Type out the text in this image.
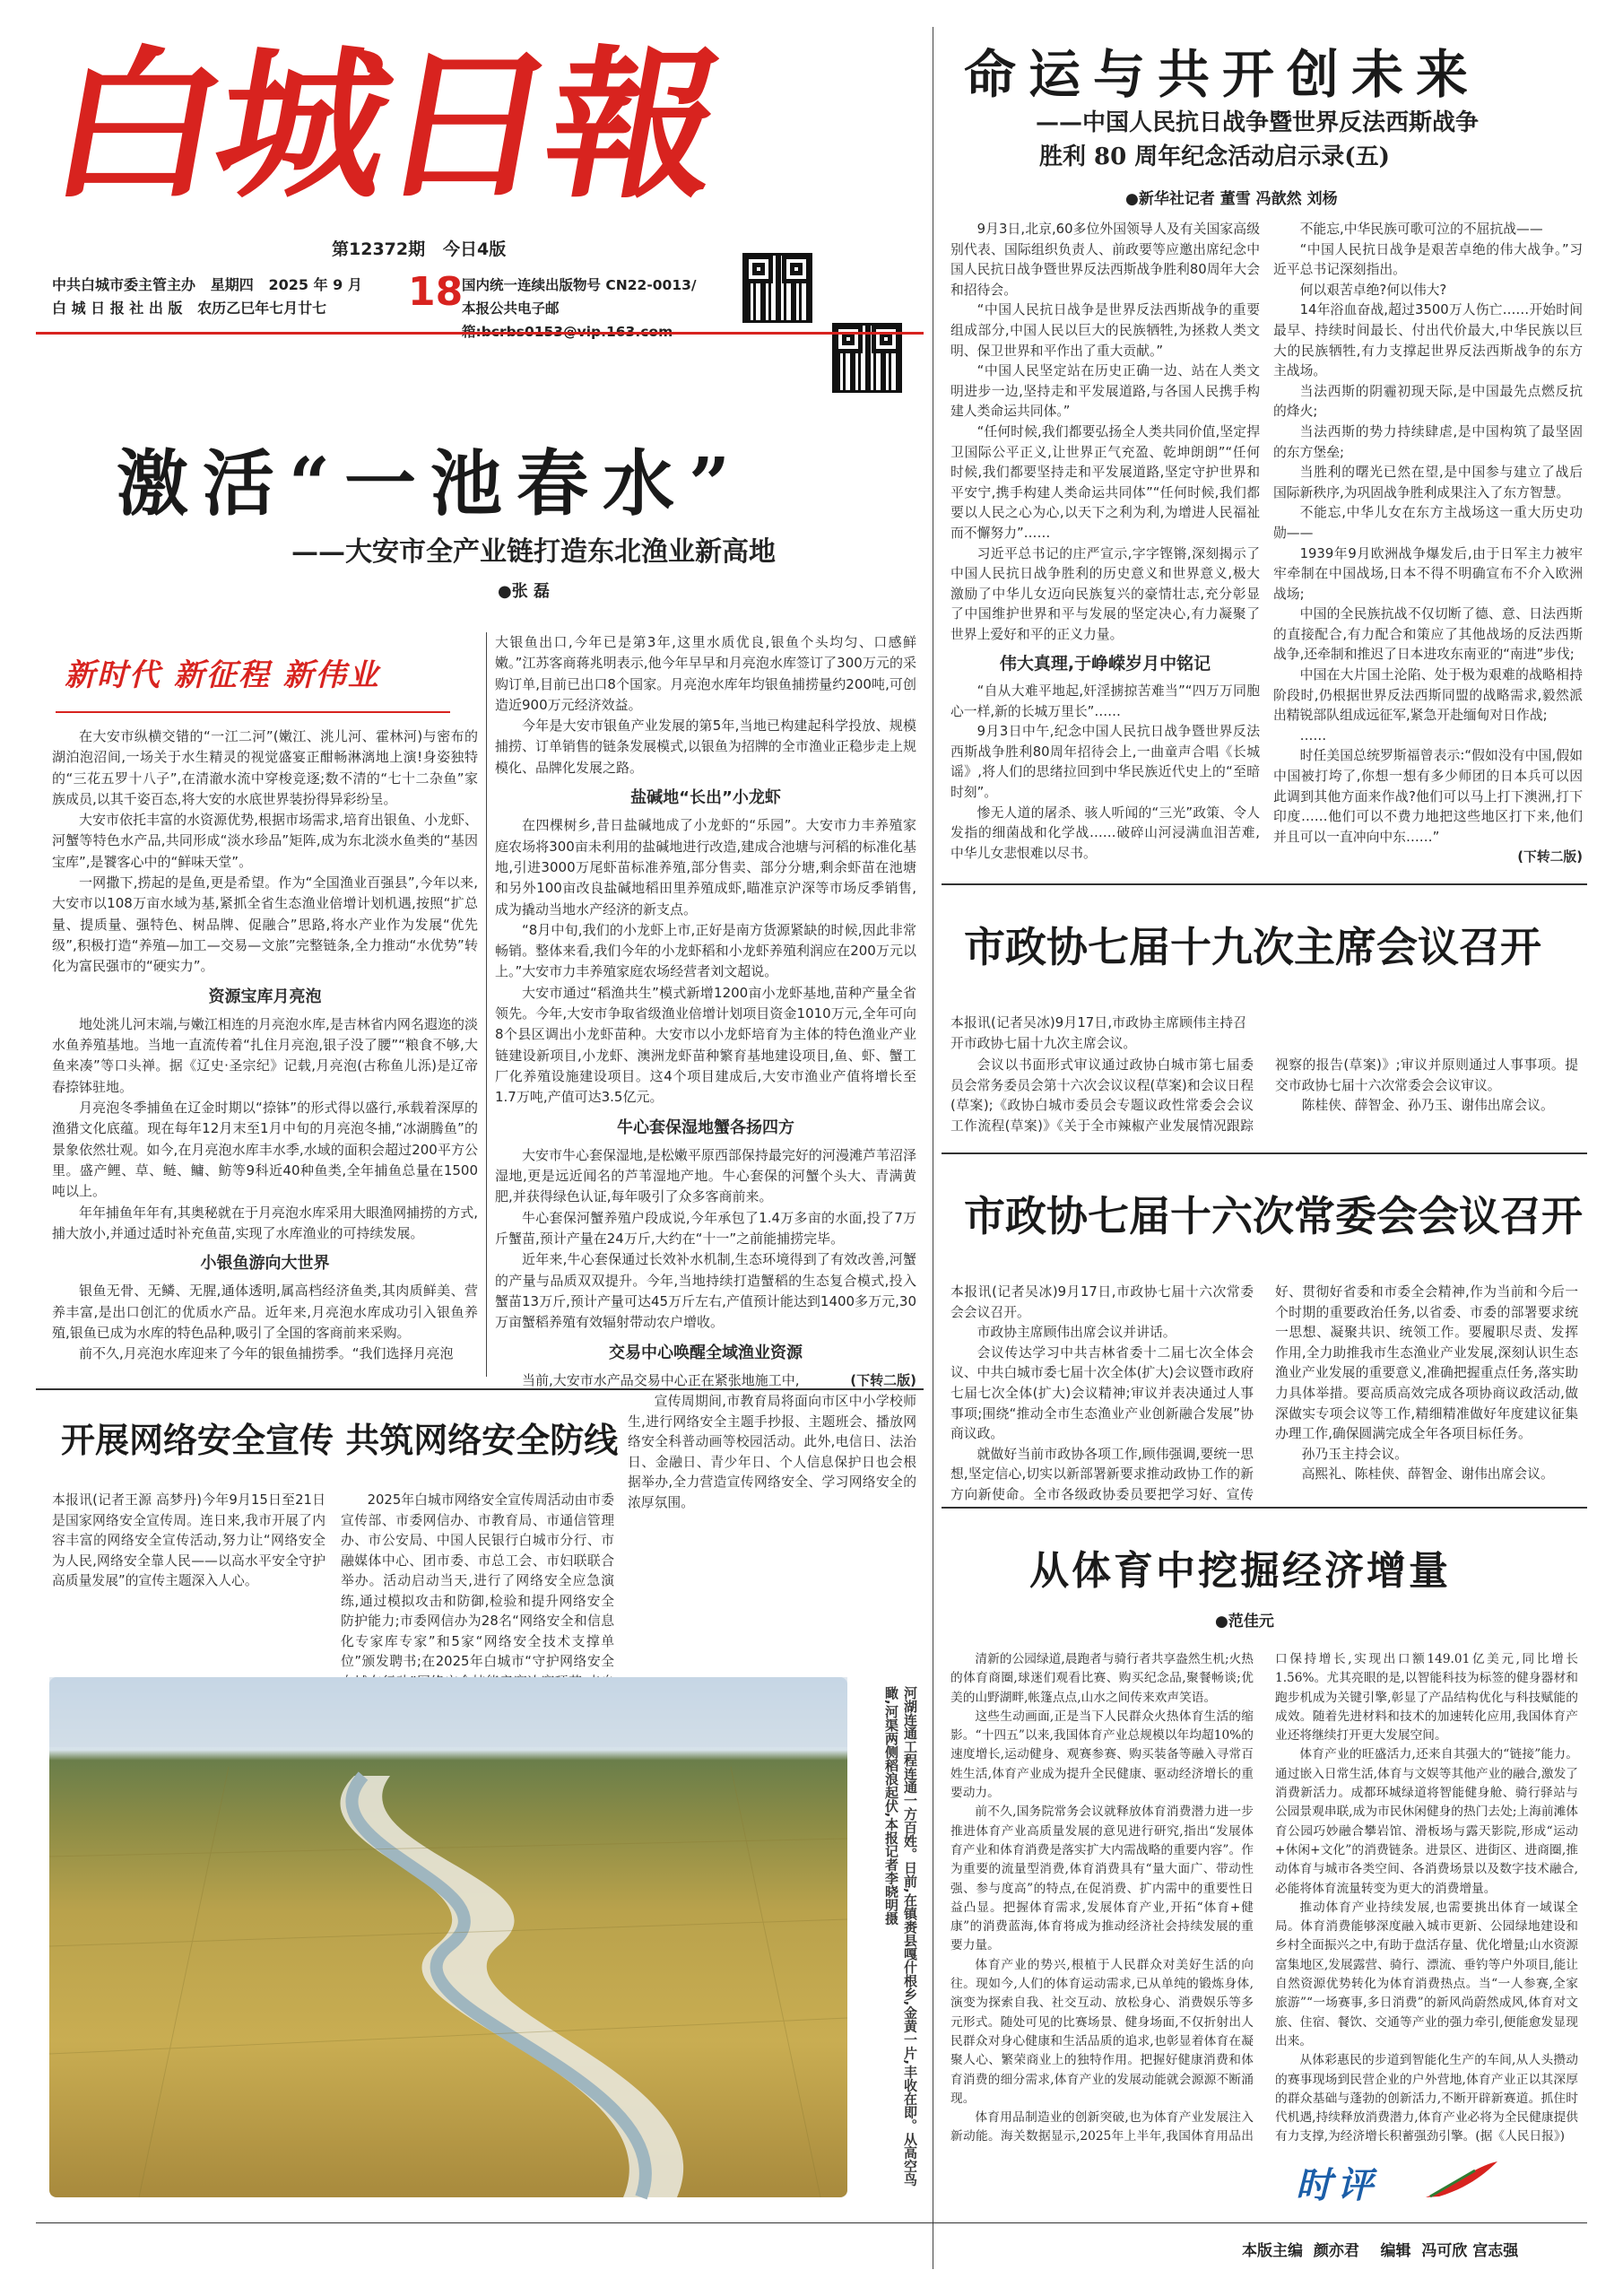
白城日報
第12372期 今日4版
中共白城市委主管主办 星期四 2025 年 9 月
白 城 日 报 社 出 版 农历乙巳年七月廿七	18
国内统一连续出版物号 CN22-0013/
本报公共电子邮
命运与共开创未来
——中国人民抗日战争暨世界反法西斯战争
胜利 80 周年纪念活动启示录(五)
●新华社记者 董雪 冯歆然 刘杨

9月3日,北京,60多位外国领导人及有关国家高级别代表、国际组织负责人、前政要等应邀出席纪念中国人民抗日战争暨世界反法西斯战争胜利80周年大会和招待会。

“中国人民抗日战争是世界反法西斯战争的重要组成部分,中国人民以巨大的民族牺牲,为拯救人类文明、保卫世界和平作出了重大贡献。”

“中国人民坚定站在历史正确一边、站在人类文明进步一边,坚持走和平发展道路,与各国人民携手构建人类命运共同体。”

“任何时候,我们都要弘扬全人类共同价值,坚定捍卫国际公平正义,让世界正气充盈、乾坤朗朗”“任何时候,我们都要坚持走和平发展道路,坚定守护世界和平安宁,携手构建人类命运共同体”“任何时候,我们都要以人民之心为心,以天下之利为利,为增进人民福祉而不懈努力”……

习近平总书记的庄严宣示,字字铿锵,深刻揭示了中国人民抗日战争胜利的历史意义和世界意义,极大激励了中华儿女迈向民族复兴的豪情壮志,充分彰显了中国维护世界和平与发展的坚定决心,有力凝聚了世界上爱好和平的正义力量。

伟大真理,于峥嵘岁月中铭记

“自从大难平地起,奸淫掳掠苦难当”“四万万同胞心一样,新的长城万里长”……

9月3日中午,纪念中国人民抗日战争暨世界反法西斯战争胜利80周年招待会上,一曲童声合唱《长城谣》,将人们的思绪拉回到中华民族近代史上的“至暗时刻”。

惨无人道的屠杀、骇人听闻的“三光”政策、令人发指的细菌战和化学战……破碎山河浸满血泪苦难,中华儿女悲恨难以尽书。

不能忘,中华民族可歌可泣的不屈抗战——

“中国人民抗日战争是艰苦卓绝的伟大战争。”习近平总书记深刻指出。

何以艰苦卓绝?何以伟大?

14年浴血奋战,超过3500万人伤亡……开始时间最早、持续时间最长、付出代价最大,中华民族以巨大的民族牺牲,有力支撑起世界反法西斯战争的东方主战场。

当法西斯的阴霾初现天际,是中国最先点燃反抗的烽火;

当法西斯的势力持续肆虐,是中国构筑了最坚固的东方堡垒;

当胜利的曙光已然在望,是中国参与建立了战后国际新秩序,为巩固战争胜利成果注入了东方智慧。

不能忘,中华儿女在东方主战场这一重大历史功勋——

1939年9月欧洲战争爆发后,由于日军主力被牢牢牵制在中国战场,日本不得不明确宣布不介入欧洲战场;

中国的全民族抗战不仅切断了德、意、日法西斯的直接配合,有力配合和策应了其他战场的反法西斯战争,还牵制和推迟了日本进攻东南亚的“南进”步伐;

中国在大片国土沦陷、处于极为艰难的战略相持阶段时,仍根据世界反法西斯同盟的战略需求,毅然派出精锐部队组成远征军,紧急开赴缅甸对日作战;

……

时任美国总统罗斯福曾表示:“假如没有中国,假如中国被打垮了,你想一想有多少师团的日本兵可以因此调到其他方面来作战?他们可以马上打下澳洲,打下印度……他们可以不费力地把这些地区打下来,他们并且可以一直冲向中东……”

(下转二版)
激活“一池春水”
——大安市全产业链打造东北渔业新高地
●张 磊
新时代 新征程 新伟业

在大安市纵横交错的“一江二河”(嫩江、洮儿河、霍林河)与密布的湖泊泡沼间,一场关于水生精灵的视觉盛宴正酣畅淋漓地上演!身姿独特的“三花五罗十八子”,在清澈水流中穿梭竞逐;数不清的“七十二杂鱼”家族成员,以其千姿百态,将大安的水底世界装扮得异彩纷呈。

大安市依托丰富的水资源优势,根据市场需求,培育出银鱼、小龙虾、河蟹等特色水产品,共同形成“淡水珍品”矩阵,成为东北淡水鱼类的“基因宝库”,是饕客心中的“鲜味天堂”。

一网撒下,捞起的是鱼,更是希望。作为“全国渔业百强县”,今年以来,大安市以108万亩水域为基,紧抓全省生态渔业倍增计划机遇,按照“扩总量、提质量、强特色、树品牌、促融合”思路,将水产业作为发展“优先级”,积极打造“养殖—加工—交易—文旅”完整链条,全力推动“水优势”转化为富民强市的“硬实力”。

资源宝库月亮泡

地处洮儿河末端,与嫩江相连的月亮泡水库,是吉林省内网名遐迩的淡水鱼养殖基地。当地一直流传着“扎住月亮泡,银子没了腰”“粮食不够,大鱼来凑”等口头禅。据《辽史·圣宗纪》记载,月亮泡(古称鱼儿泺)是辽帝春捺钵驻地。

月亮泡冬季捕鱼在辽金时期以“捺钵”的形式得以盛行,承载着深厚的渔猎文化底蕴。现在每年12月末至1月中旬的月亮泡冬捕,“冰湖腾鱼”的景象依然壮观。如今,在月亮泡水库丰水季,水域的面积会超过200平方公里。盛产鲤、草、鲢、鳙、鲂等9科近40种鱼类,全年捕鱼总量在1500吨以上。

年年捕鱼年年有,其奥秘就在于月亮泡水库采用大眼渔网捕捞的方式,捕大放小,并通过适时补充鱼苗,实现了水库渔业的可持续发展。

小银鱼游向大世界

银鱼无骨、无鳞、无腥,通体透明,属高档经济鱼类,其肉质鲜美、营养丰富,是出口创汇的优质水产品。近年来,月亮泡水库成功引入银鱼养殖,银鱼已成为水库的特色品种,吸引了全国的客商前来采购。

前不久,月亮泡水库迎来了今年的银鱼捕捞季。“我们选择月亮泡

大银鱼出口,今年已是第3年,这里水质优良,银鱼个头均匀、口感鲜嫩。”江苏客商蒋兆明表示,他今年早早和月亮泡水库签订了300万元的采购订单,目前已出口8个国家。月亮泡水库年均银鱼捕捞量约200吨,可创造近900万元经济效益。

今年是大安市银鱼产业发展的第5年,当地已构建起科学投放、规模捕捞、订单销售的链条发展模式,以银鱼为招牌的全市渔业正稳步走上规模化、品牌化发展之路。

盐碱地“长出”小龙虾

在四棵树乡,昔日盐碱地成了小龙虾的“乐园”。大安市力丰养殖家庭农场将300亩未利用的盐碱地进行改造,建成合池塘与河稻的标准化基地,引进3000万尾虾苗标准养殖,部分售卖、部分分塘,剩余虾苗在池塘和另外100亩改良盐碱地稻田里养殖成虾,瞄准京沪深等市场反季销售,成为撬动当地水产经济的新支点。

“8月中旬,我们的小龙虾上市,正好是南方货源紧缺的时候,因此非常畅销。整体来看,我们今年的小龙虾稻和小龙虾养殖利润应在200万元以上。”大安市力丰养殖家庭农场经营者刘文超说。

大安市通过“稻渔共生”模式新增1200亩小龙虾基地,苗种产量全省领先。今年,大安市争取省级渔业倍增计划项目资金1010万元,全年可向8个县区调出小龙虾苗种。大安市以小龙虾培育为主体的特色渔业产业链建设新项目,小龙虾、澳洲龙虾苗种繁育基地建设项目,鱼、虾、蟹工厂化养殖设施建设项目。这4个项目建成后,大安市渔业产值将增长至1.7万吨,产值可达3.5亿元。

牛心套保湿地蟹各扬四方

大安市牛心套保湿地,是松嫩平原西部保持最完好的河漫滩芦苇沼泽湿地,更是远近闻名的芦苇湿地产地。牛心套保的河蟹个头大、青满黄肥,并获得绿色认证,每年吸引了众多客商前来。

牛心套保河蟹养殖户段成说,今年承包了1.4万多亩的水面,投了7万斤蟹苗,预计产量在24万斤,大约在“十一”之前能捕捞完毕。

近年来,牛心套保通过长效补水机制,生态环境得到了有效改善,河蟹的产量与品质双双提升。今年,当地持续打造蟹稻的生态复合模式,投入蟹苗13万斤,预计产量可达45万斤左右,产值预计能达到1400多万元,30万亩蟹稻养殖有效辐射带动农户增收。

交易中心唤醒全域渔业资源

当前,大安市水产品交易中心正在紧张地施工中,	(下转二版)

开展网络安全宣传 共筑网络安全防线

本报讯(记者王源 高梦丹)今年9月15日至21日是国家网络安全宣传周。连日来,我市开展了内容丰富的网络安全宣传活动,努力让“网络安全为人民,网络安全靠人民——以高水平安全守护高质量发展”的宣传主题深入人心。

2025年白城市网络安全宣传周活动由市委宣传部、市委网信办、市教育局、市通信管理办、市公安局、中国人民银行白城市分行、市融媒体中心、团市委、市总工会、市妇联联合举办。活动启动当天,进行了网络安全应急演练,通过模拟攻击和防御,检验和提升网络安全防护能力;市委网信办为28名“网络安全和信息化专家库专家”和5家“网络安全技术支撑单位”颁发聘书;在2025年白城市“守护网络安全

宣传周期间,市教育局将面向市区中小学校师生,进行网络安全主题手抄报、主题班会、播放网络安全科普动画等校园活动。此外,电信日、法治日、金融日、青少年日、个人信息保护日也会根据举办,全力营造宣传网络安全、学习网络安全的浓厚氛围。

河湖连通工程连通一方百姓。日前,在镇赉县嘎什根乡,金黄一片,丰收在即。从高空鸟瞰,河渠两侧稻浪起伏,本报记者李晓明摄
市政协七届十九次主席会议召开

本报讯(记者吴冰)9月17日,市政协主席顾伟主持召开市政协七届十九次主席会议。

会议以书面形式审议通过政协白城市第七届委员会常务委员会第十六次会议议程(草案)和会议日程(草案);《政协白城市委员会专题议政性常委会会议工作流程(草案)》《关于全市辣椒产业发展情况跟踪视察的报告(草案)》;审议并原则通过人事事项。提交市政协七届十六次常委会会议审议。

陈桂侠、薛智金、孙乃玉、谢伟出席会议。

市政协七届十六次常委会会议召开

本报讯(记者吴冰)9月17日,市政协七届十六次常委会会议召开。

市政协主席顾伟出席会议并讲话。

会议传达学习中共吉林省委十二届七次全体会议、中共白城市委七届十次全体(扩大)会议暨市政府七届七次全体(扩大)会议精神;审议并表决通过人事事项;围绕“推动全市生态渔业产业创新融合发展”协商议政。

就做好当前市政协各项工作,顾伟强调,要统一思想,坚定信心,切实以新部署新要求推动政协工作的新方向新使命。全市各级政协委员要把学习好、宣传好、贯彻好省委和市委全会精神,作为当前和今后一个时期的重要政治任务,以省委、市委的部署要求统一思想、凝聚共识、统领工作。要履职尽责、发挥作用,全力助推我市生态渔业产业发展,深刻认识生态渔业产业发展的重要意义,准确把握重点任务,落实助力具体举措。要高质高效完成各项协商议政活动,做深做实专项会议等工作,精细精准做好年度建议征集办理工作,确保圆满完成全年各项目标任务。

孙乃玉主持会议。

高熙礼、陈桂侠、薛智金、谢伟出席会议。

从体育中挖掘经济增量
●范佳元

清新的公园绿道,晨跑者与骑行者共享盎然生机;火热的体育商圈,球迷们观看比赛、购买纪念品,聚餐畅谈;优美的山野湖畔,帐篷点点,山水之间传来欢声笑语。

这些生动画面,正是当下人民群众火热体育生活的缩影。“十四五”以来,我国体育产业总规模以年均超10%的速度增长,运动健身、观赛参赛、购买装备等融入寻常百姓生活,体育产业成为提升全民健康、驱动经济增长的重要动力。

前不久,国务院常务会议就释放体育消费潜力进一步推进体育产业高质量发展的意见进行研究,指出“发展体育产业和体育消费是落实扩大内需战略的重要内容”。作为重要的流量型消费,体育消费具有“量大面广、带动性强、参与度高”的特点,在促消费、扩内需中的重要性日益凸显。把握体育需求,发展体育产业,开拓“体育+健康”的消费蓝海,体育将成为推动经济社会持续发展的重要力量。

体育产业的势兴,根植于人民群众对美好生活的向往。现如今,人们的体育运动需求,已从单纯的锻炼身体,演变为探索自我、社交互动、放松身心、消费娱乐等多元形式。随处可见的比赛场景、健身场面,不仅折射出人民群众对身心健康和生活品质的追求,也彰显着体育在凝聚人心、繁荣商业上的独特作用。把握好健康消费和体育消费的细分需求,体育产业的发展动能就会源源不断涌现。

体育用品制造业的创新突破,也为体育产业发展注入新动能。海关数据显示,2025年上半年,我国体育用品出口保持增长,实现出口额149.01亿美元,同比增长1.56%。尤其亮眼的是,以智能科技为标签的健身器材和跑步机成为关键引擎,彰显了产品结构优化与科技赋能的成效。随着先进材料和技术的加速转化应用,我国体育产业还将继续打开更大发展空间。

体育产业的旺盛活力,还来自其强大的“链接”能力。通过嵌入日常生活,体育与文娱等其他产业的融合,激发了消费新活力。成都环城绿道将智能健身舱、骑行驿站与公园景观串联,成为市民休闲健身的热门去处;上海前滩体育公园巧妙融合攀岩馆、滑板场与露天影院,形成“运动+休闲+文化”的消费链条。进景区、进街区、进商圈,推动体育与城市各类空间、各消费场景以及数字技术融合,必能将体育流量转变为更大的消费增量。

推动体育产业持续发展,也需要挑出体育一域谋全局。体育消费能够深度融入城市更新、公园绿地建设和乡村全面振兴之中,有助于盘活存量、优化增量;山水资源富集地区,发展露营、骑行、漂流、垂钓等户外项目,能让自然资源优势转化为体育消费热点。当“一人参赛,全家旅游”“一场赛事,多日消费”的新风尚蔚然成风,体育对文旅、住宿、餐饮、交通等产业的强力牵引,便能愈发显现出来。

从体彩惠民的步道到智能化生产的车间,从人头攒动的赛事现场到民营企业的户外营地,体育产业正以其深厚的群众基础与蓬勃的创新活力,不断开辟新赛道。抓住时代机遇,持续释放消费潜力,体育产业必将为全民健康提供有力支撑,为经济增长积蓄强劲引擎。(据《人民日报》)

时评
本版主编 颜亦君 编辑 冯可欣 宫志强
